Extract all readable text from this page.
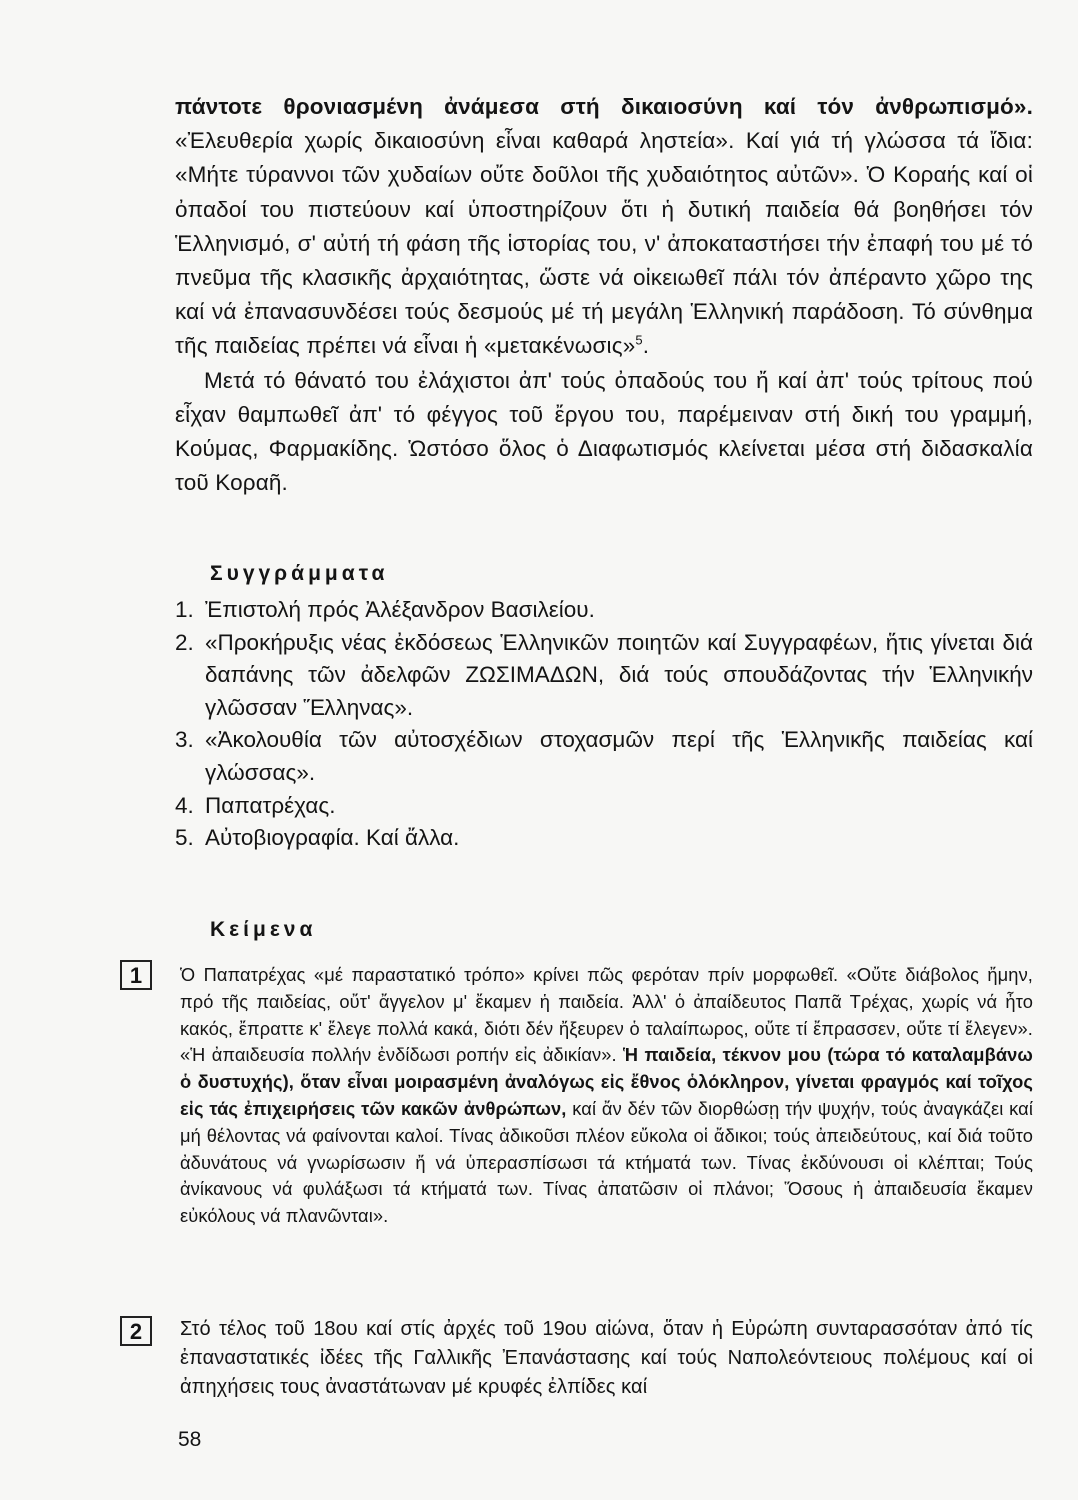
πάντοτε θρονιασμένη ἀνάμεσα στή δικαιοσύνη καί τόν ἀνθρωπισμό». «Ἐλευθερία χωρίς δικαιοσύνη εἶναι καθαρά ληστεία». Καί γιά τή γλώσσα τά ἴδια: «Μήτε τύραννοι τῶν χυδαίων οὔτε δοῦλοι τῆς χυδαιότητος αὐτῶν». Ὁ Κοραής καί οἱ ὀπαδοί του πιστεύουν καί ὑποστηρίζουν ὅτι ἡ δυτική παιδεία θά βοηθήσει τόν Ἑλληνισμό, σ' αὐτή τή φάση τῆς ἱστορίας του, ν' ἀποκαταστήσει τήν ἐπαφή του μέ τό πνεῦμα τῆς κλασικῆς ἀρχαιότητας, ὥστε νά οἰκειωθεῖ πάλι τόν ἀπέραντο χῶρο της καί νά ἐπανασυνδέσει τούς δεσμούς μέ τή μεγάλη Ἑλληνική παράδοση. Τό σύνθημα τῆς παιδείας πρέπει νά εἶναι ἡ «μετακένωσις»$^5$.

Μετά τό θάνατό του ἐλάχιστοι ἀπ' τούς ὀπαδούς του ἤ καί ἀπ' τούς τρίτους πού εἶχαν θαμπωθεῖ ἀπ' τό φέγγος τοῦ ἔργου του, παρέμειναν στή δική του γραμμή, Κούμας, Φαρμακίδης. Ὡστόσο ὅλος ὁ Διαφωτισμός κλείνεται μέσα στή διδασκαλία τοῦ Κοραῆ.

Συγγράμματα
1. Ἐπιστολή πρός Ἀλέξανδρον Βασιλείου.
2. «Προκήρυξις νέας ἐκδόσεως Ἑλληνικῶν ποιητῶν καί Συγγραφέων, ἥτις γίνεται διά δαπάνης τῶν ἀδελφῶν ΖΩΣΙΜΑΔΩΝ, διά τούς σπουδάζοντας τήν Ἑλληνικήν γλῶσσαν Ἕλληνας».
3. «Ἀκολουθία τῶν αὐτοσχέδιων στοχασμῶν περί τῆς Ἑλληνικῆς παιδείας καί γλώσσας».
4. Παπατρέχας.
5. Αὐτοβιογραφία. Καί ἄλλα.
Κείμενα
1	Ὁ Παπατρέχας «μέ παραστατικό τρόπο» κρίνει πῶς φερόταν πρίν μορφωθεῖ. «Οὔτε διάβολος ἤμην, πρό τῆς παιδείας, οὔτ' ἄγγελον μ' ἔκαμεν ἡ παιδεία. Ἀλλ' ὁ ἀπαίδευτος Παπᾶ Τρέχας, χωρίς νά ἦτο κακός, ἔπραττε κ' ἔλεγε πολλά κακά, διότι δέν ἤξευρεν ὁ ταλαίπωρος, οὔτε τί ἔπρασσεν, οὔτε τί ἔλεγεν». «Ἡ ἀπαιδευσία πολλήν ἐνδίδωσι ροπήν εἰς ἀδικίαν». Ἡ παιδεία, τέκνον μου (τώρα τό καταλαμβάνω ὁ δυστυχής), ὅταν εἶναι μοιρασμένη ἀναλόγως εἰς ἔθνος ὁλόκληρον, γίνεται φραγμός καί τοῖχος εἰς τάς ἐπιχειρήσεις τῶν κακῶν ἀνθρώπων, καί ἄν δέν τῶν διορθώσῃ τήν ψυχήν, τούς ἀναγκάζει καί μή θέλοντας νά φαίνονται καλοί. Τίνας ἀδικοῦσι πλέον εὔκολα οἱ ἄδικοι; τούς ἀπειδεύτους, καί διά τοῦτο ἀδυνάτους νά γνωρίσωσιν ἤ νά ὑπερασπίσωσι τά κτήματά των. Τίνας ἐκδύνουσι οἱ κλέπται; Τούς ἀνίκανους νά φυλάξωσι τά κτήματά των. Τίνας ἀπατῶσιν οἱ πλάνοι; Ὅσους ἡ ἀπαιδευσία ἔκαμεν εὐκόλους νά πλανῶνται».

2	Στό τέλος τοῦ 18ου καί στίς ἀρχές τοῦ 19ου αἰώνα, ὅταν ἡ Εὐρώπη συνταρασσόταν ἀπό τίς ἐπαναστατικές ἰδέες τῆς Γαλλικῆς Ἐπανάστασης καί τούς Ναπολεόντειους πολέμους καί οἱ ἀπηχήσεις τους ἀναστάτωναν μέ κρυφές ἐλπίδες καί

58
